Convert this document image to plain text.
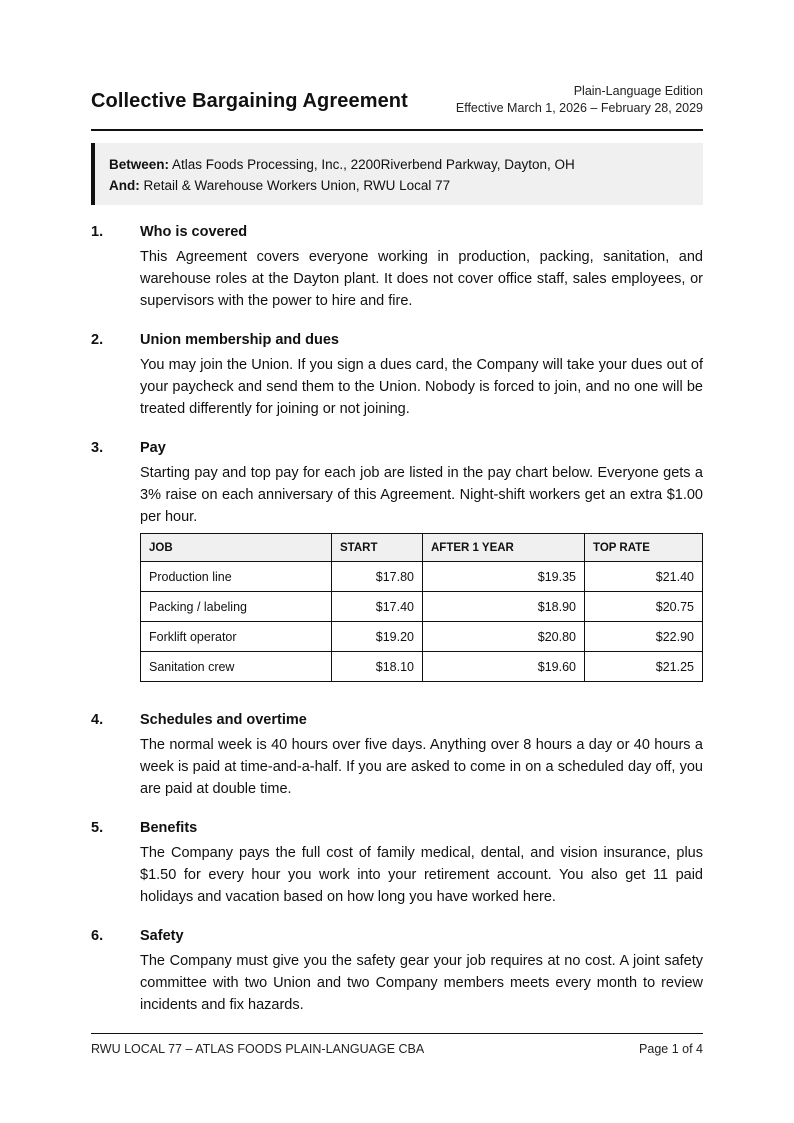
Collective Bargaining Agreement	Plain-Language Edition
Effective March 1, 2026 – February 28, 2029
Between: Atlas Foods Processing, Inc., 2200Riverbend Parkway, Dayton, OH
And: Retail & Warehouse Workers Union, RWU Local 77
1.	Who is covered
This Agreement covers everyone working in production, packing, sanitation, and warehouse roles at the Dayton plant. It does not cover office staff, sales employees, or supervisors with the power to hire and fire.
2.	Union membership and dues
You may join the Union. If you sign a dues card, the Company will take your dues out of your paycheck and send them to the Union. Nobody is forced to join, and no one will be treated differently for joining or not joining.
3.	Pay
Starting pay and top pay for each job are listed in the pay chart below. Everyone gets a 3% raise on each anniversary of this Agreement. Night-shift workers get an extra $1.00 per hour.
JOB	START	AFTER 1 YEAR	TOP RATE
Production line	$17.80	$19.35	$21.40
Packing / labeling	$17.40	$18.90	$20.75
Forklift operator	$19.20	$20.80	$22.90
Sanitation crew	$18.10	$19.60	$21.25
4.	Schedules and overtime
The normal week is 40 hours over five days. Anything over 8 hours a day or 40 hours a week is paid at time-and-a-half. If you are asked to come in on a scheduled day off, you are paid at double time.
5.	Benefits
The Company pays the full cost of family medical, dental, and vision insurance, plus $1.50 for every hour you work into your retirement account. You also get 11 paid holidays and vacation based on how long you have worked here.
6.	Safety
The Company must give you the safety gear your job requires at no cost. A joint safety committee with two Union and two Company members meets every month to review incidents and fix hazards.
RWU LOCAL 77 – ATLAS FOODS PLAIN-LANGUAGE CBA	Page 1 of 4
